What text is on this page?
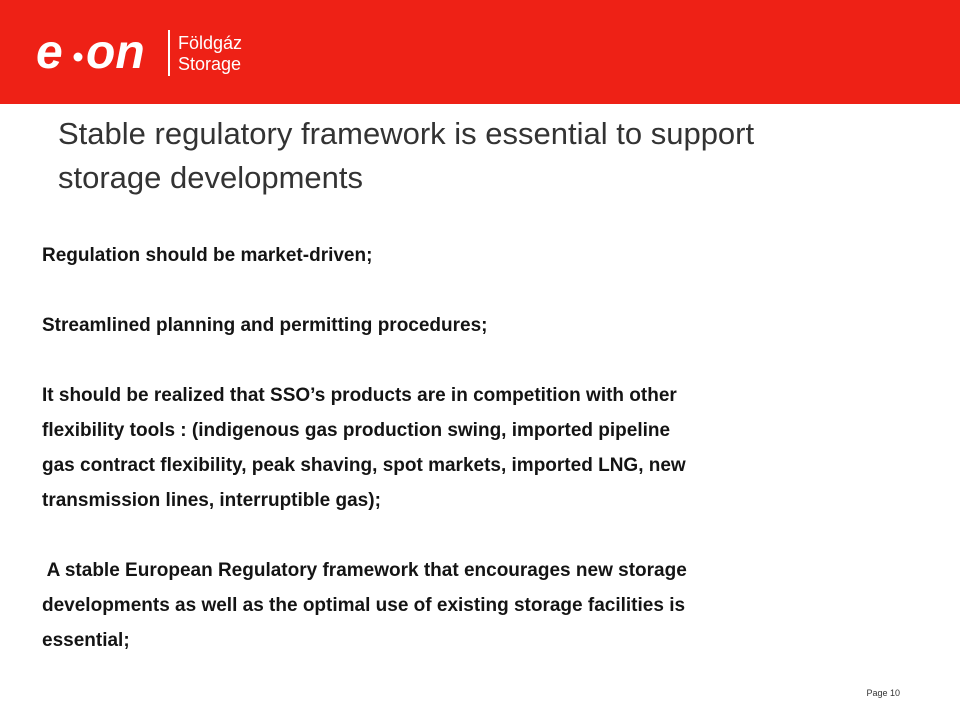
e on Földgáz
Storage
Stable regulatory framework is essential to support
storage developments

Regulation should be market-driven;

Streamlined planning and permitting procedures;

It should be realized that SSO’s products are in competition with other
flexibility tools : (indigenous gas production swing, imported pipeline
gas contract flexibility, peak shaving, spot markets, imported LNG, new
transmission lines, interruptible gas);

A stable European Regulatory framework that encourages new storage
developments as well as the optimal use of existing storage facilities is
essential;

Page 10
